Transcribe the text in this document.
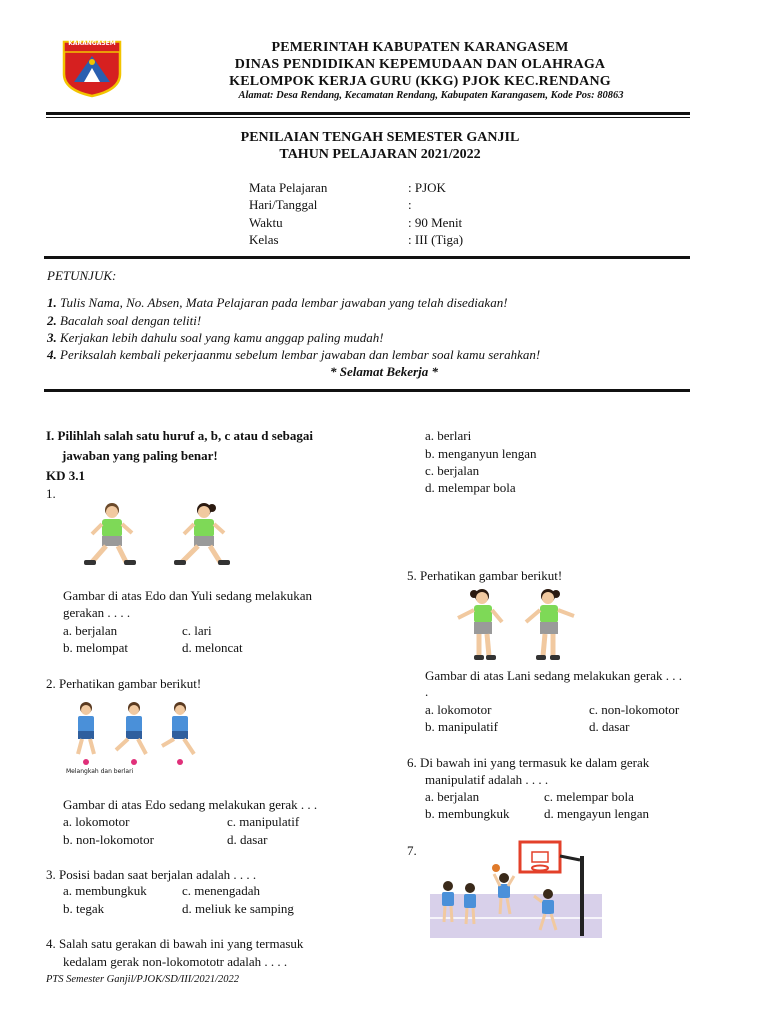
KARANGASEM	PEMERINTAH KABUPATEN KARANGASEM
DINAS PENDIDIKAN KEPEMUDAAN DAN OLAHRAGA
KELOMPOK KERJA GURU (KKG) PJOK KEC.RENDANG
Alamat: Desa Rendang, Kecamatan Rendang, Kabupaten Karangasem, Kode Pos: 80863
PENILAIAN TENGAH SEMESTER GANJIL
TAHUN PELAJARAN 2021/2022
Mata Pelajaran	: PJOK
Hari/Tanggal	:
Waktu	: 90 Menit
Kelas	: III (Tiga)
PETUNJUK:
1. Tulis Nama, No. Absen, Mata Pelajaran pada lembar jawaban yang telah disediakan!
2. Bacalah soal dengan teliti!
3. Kerjakan lebih dahulu soal yang kamu anggap paling mudah!
4. Periksalah kembali pekerjaanmu sebelum lembar jawaban dan lembar soal kamu serahkan!
* Selamat Bekerja *
I. Pilihlah salah satu huruf a, b, c atau d sebagai
jawaban yang paling benar!
KD 3.1
1.
Gambar di atas Edo dan Yuli sedang melakukan
gerakan . . . .
a. berjalan	c. lari
b. melompat	d. meloncat
2. Perhatikan gambar berikut!
Melangkah dan berlari
Gambar di atas Edo sedang melakukan gerak . . .
a. lokomotor	c. manipulatif
b. non-lokomotor	d. dasar
3. Posisi badan saat berjalan adalah . . . .
a. membungkuk	c. menengadah
b. tegak	d. meliuk ke samping
4. Salah satu gerakan di bawah ini yang termasuk
kedalam gerak non-lokomototr adalah . . . .
PTS Semester Ganjil/PJOK/SD/III/2021/2022
a. berlari
b. menganyun lengan
c. berjalan
d. melempar bola
5. Perhatikan gambar berikut!
Gambar di atas Lani sedang melakukan gerak . . .
.
a. lokomotor	c. non-lokomotor
b. manipulatif	d. dasar
6. Di bawah ini yang termasuk ke dalam gerak
manipulatif adalah . . . .
a. berjalan	c. melempar bola
b. membungkuk	d. mengayun lengan
7.
